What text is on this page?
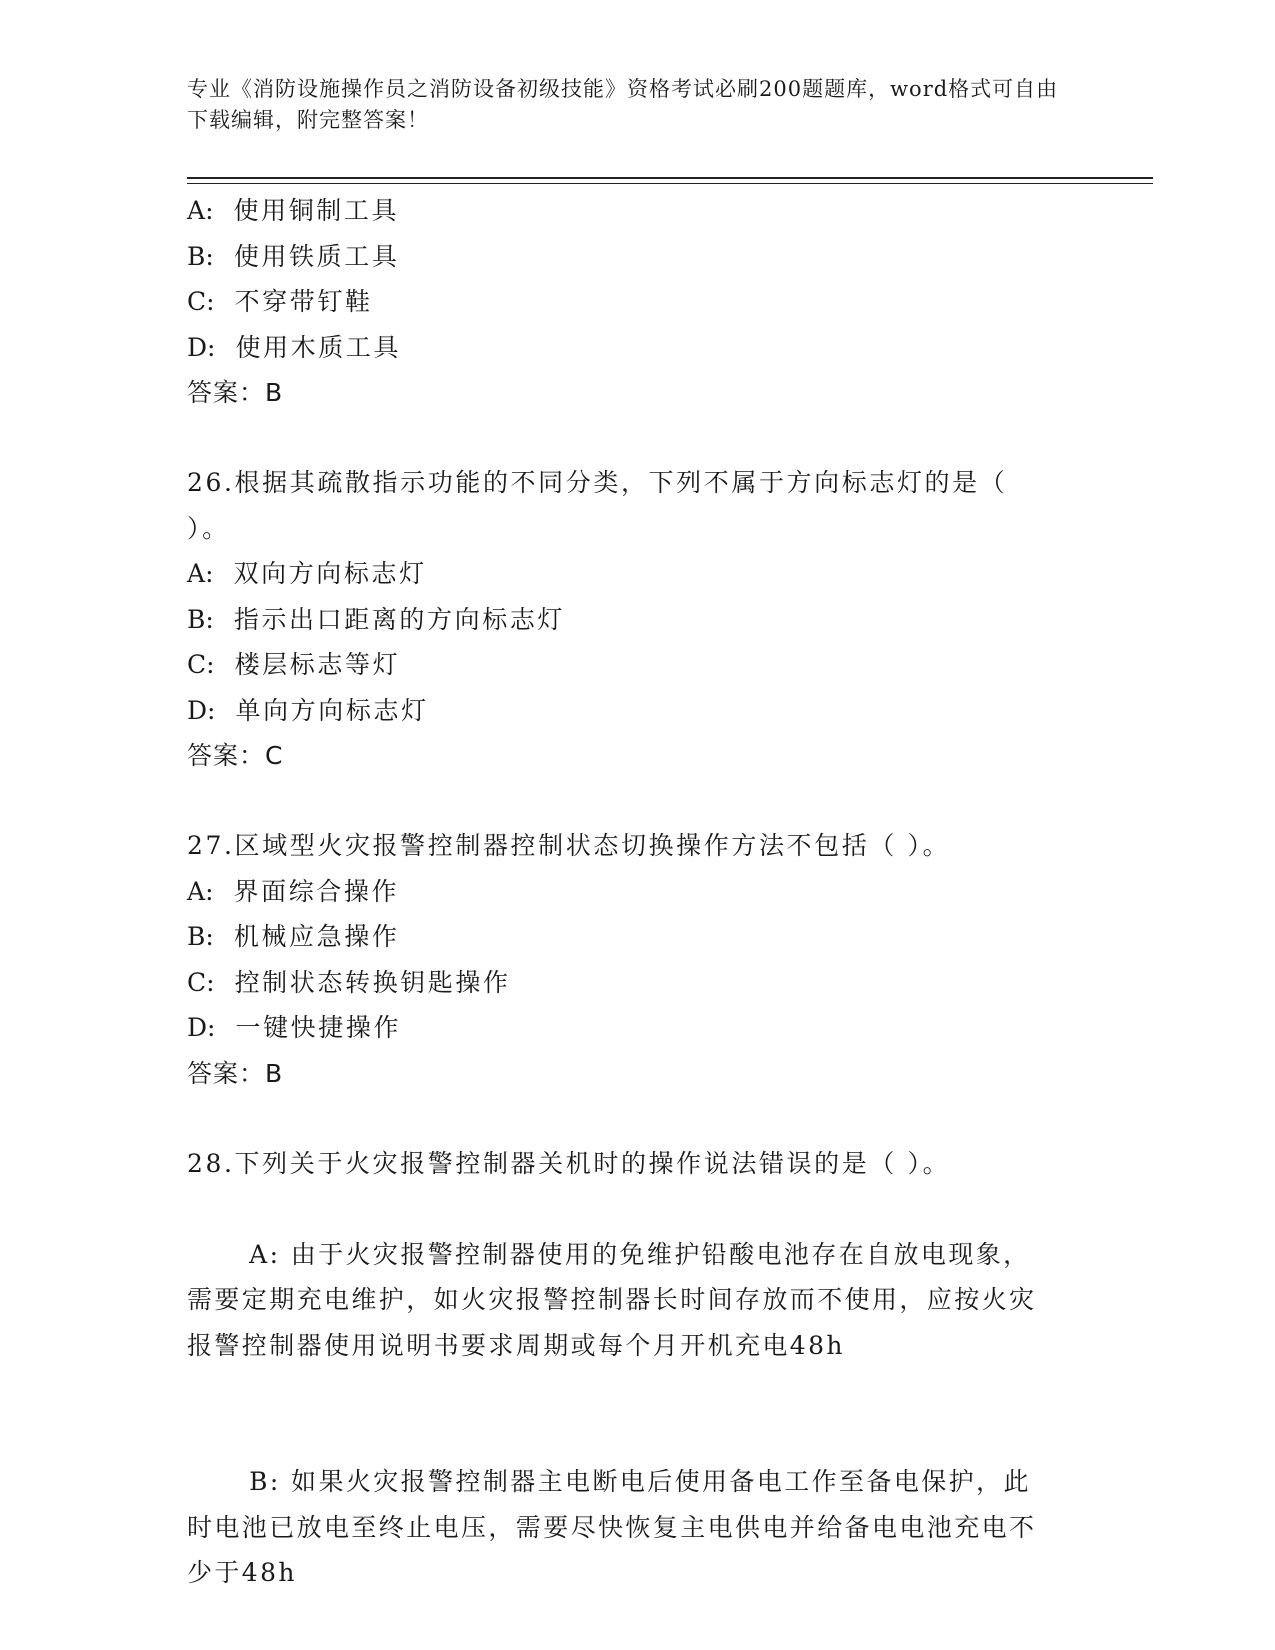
专业《消防设施操作员之消防设备初级技能》资格考试必刷200题题库，word格式可自由下载编辑，附完整答案！
A: 使用铜制工具
B: 使用铁质工具
C: 不穿带钉鞋
D: 使用木质工具
答案：B
26.根据其疏散指示功能的不同分类，下列不属于方向标志灯的是（ ）。
A: 双向方向标志灯
B: 指示出口距离的方向标志灯
C: 楼层标志等灯
D: 单向方向标志灯
答案：C
27.区域型火灾报警控制器控制状态切换操作方法不包括（ ）。
A: 界面综合操作
B: 机械应急操作
C: 控制状态转换钥匙操作
D: 一键快捷操作
答案：B
28.下列关于火灾报警控制器关机时的操作说法错误的是（ ）。

A: 由于火灾报警控制器使用的免维护铅酸电池存在自放电现象，需要定期充电维护，如火灾报警控制器长时间存放而不使用，应按火灾报警控制器使用说明书要求周期或每个月开机充电48h

B: 如果火灾报警控制器主电断电后使用备电工作至备电保护，此时电池已放电至终止电压，需要尽快恢复主电供电并给备电电池充电不少于48h
